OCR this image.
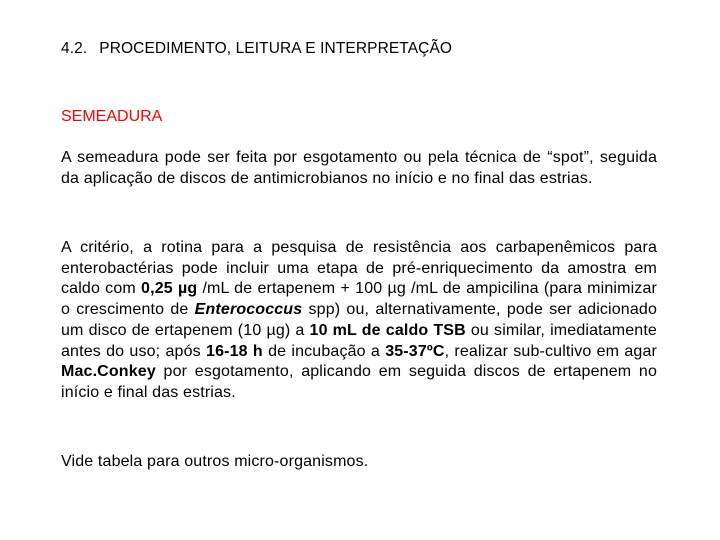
4.2. PROCEDIMENTO, LEITURA E INTERPRETAÇÃO
SEMEADURA
A semeadura pode ser feita por esgotamento ou pela técnica de “spot”, seguida da aplicação de discos de antimicrobianos no início e no final das estrias.
A critério, a rotina para a pesquisa de resistência aos carbapenêmicos para enterobactérias pode incluir uma etapa de pré-enriquecimento da amostra em caldo com 0,25 µg /mL de ertapenem + 100 µg /mL de ampicilina (para minimizar o crescimento de Enterococcus spp) ou, alternativamente, pode ser adicionado um disco de ertapenem (10 µg) a 10 mL de caldo TSB ou similar, imediatamente antes do uso; após 16-18 h de incubação a 35-37ºC, realizar sub-cultivo em agar Mac.Conkey por esgotamento, aplicando em seguida discos de ertapenem no início e final das estrias.
Vide tabela para outros micro-organismos.
